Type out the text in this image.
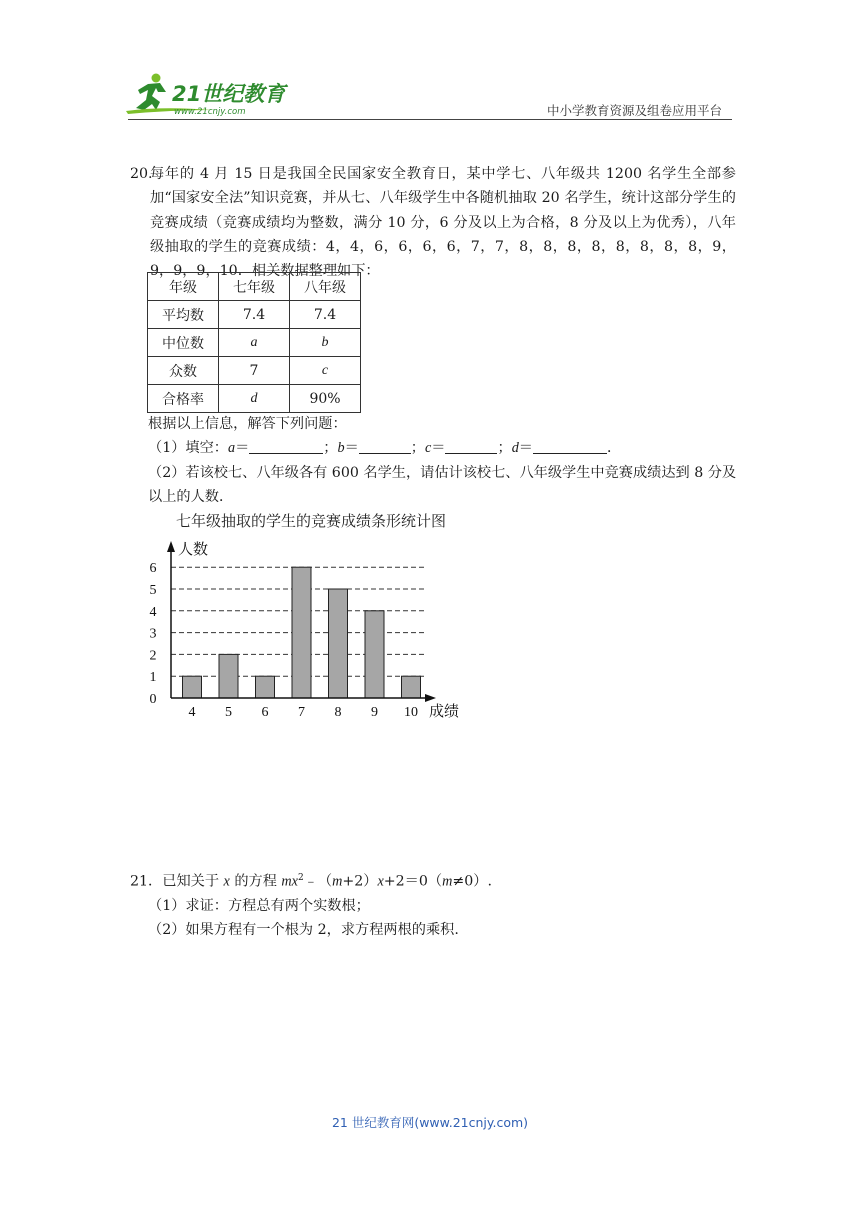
21世纪教育
www.21cnjy.com	中小学教育资源及组卷应用平台
20.
每年的 4 月 15 日是我国全民国家安全教育日，某中学七、八年级共 1200 名学生全部参加“国家安全法”知识竞赛，并从七、八年级学生中各随机抽取 20 名学生，统计这部分学生的竞赛成绩（竞赛成绩均为整数，满分 10 分，6 分及以上为合格，8 分及以上为优秀），八年级抽取的学生的竞赛成绩：4，4，6，6，6，6，7，7，8，8，8，8，8，8，8，8，9，9，9，9，10．相关数据整理如下：
年级	七年级	八年级
平均数	7.4	7.4
中位数	a	b
众数	7	c
合格率	d	90%
根据以上信息，解答下列问题：
（1）填空：a＝	；b＝	；c＝	；d＝	．
（2）若该校七、八年级各有 600 名学生，请估计该校七、八年级学生中竞赛成绩达到 8 分及以上的人数．
七年级抽取的学生的竞赛成绩条形统计图
0
1
2
3
4
5
6
4 5 6 7 8 9 10
人数
成绩
21．已知关于 x 的方程 $mx^2﹣(m+2)x+2=0(m\ne 0)$.
（1）求证：方程总有两个实数根；
（2）如果方程有一个根为 2，求方程两根的乘积.
21 世纪教育网(www.21cnjy.com)
